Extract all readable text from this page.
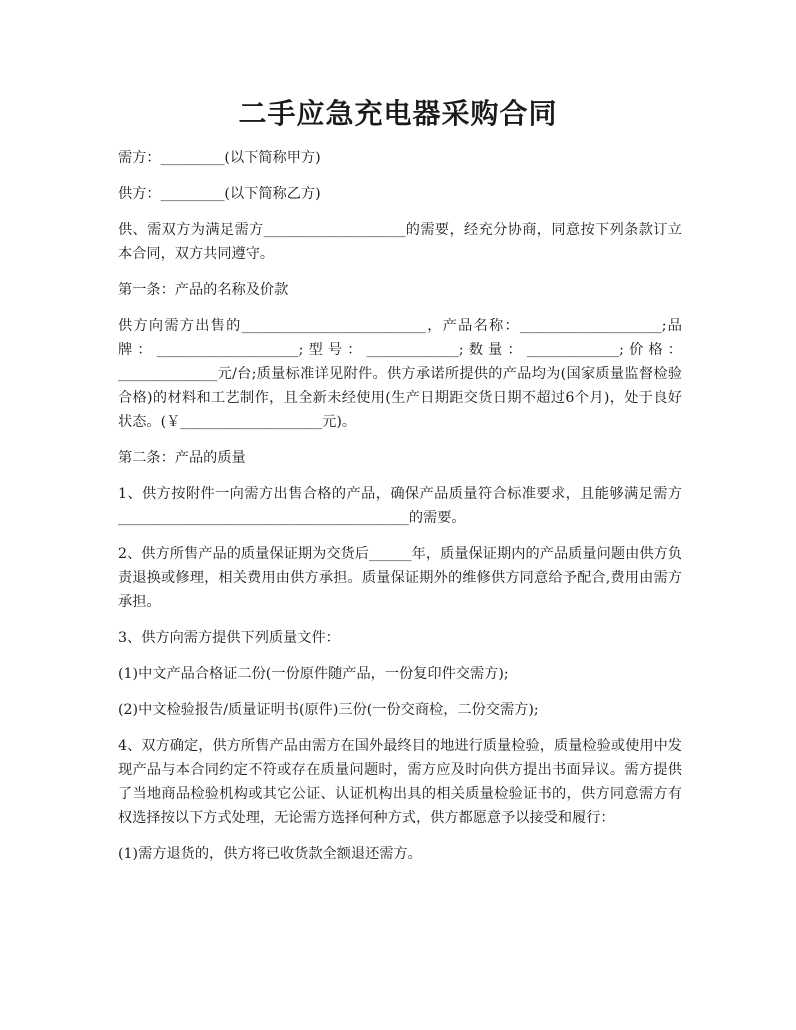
二手应急充电器采购合同

需方：_________(以下简称甲方)

供方：_________(以下简称乙方)

供、需双方为满足需方____________________的需要，经充分协商，同意按下列条款订立本合同，双方共同遵守。

第一条：产品的名称及价款

供方向需方出售的__________________________，产品名称：____________________;品牌：____________________;型号：_____________;数量：_____________;价格：______________元/台;质量标准详见附件。供方承诺所提供的产品均为(国家质量监督检验合格)的材料和工艺制作，且全新未经使用(生产日期距交货日期不超过6个月)，处于良好状态。(￥____________________元)。

第二条：产品的质量

1、供方按附件一向需方出售合格的产品，确保产品质量符合标准要求，且能够满足需方_________________________________________的需要。

2、供方所售产品的质量保证期为交货后______年，质量保证期内的产品质量问题由供方负责退换或修理，相关费用由供方承担。质量保证期外的维修供方同意给予配合,费用由需方承担。

3、供方向需方提供下列质量文件：

(1)中文产品合格证二份(一份原件随产品，一份复印件交需方);

(2)中文检验报告/质量证明书(原件)三份(一份交商检，二份交需方);

4、双方确定，供方所售产品由需方在国外最终目的地进行质量检验，质量检验或使用中发现产品与本合同约定不符或存在质量问题时，需方应及时向供方提出书面异议。需方提供了当地商品检验机构或其它公证、认证机构出具的相关质量检验证书的，供方同意需方有权选择按以下方式处理，无论需方选择何种方式，供方都愿意予以接受和履行：

(1)需方退货的，供方将已收货款全额退还需方。
